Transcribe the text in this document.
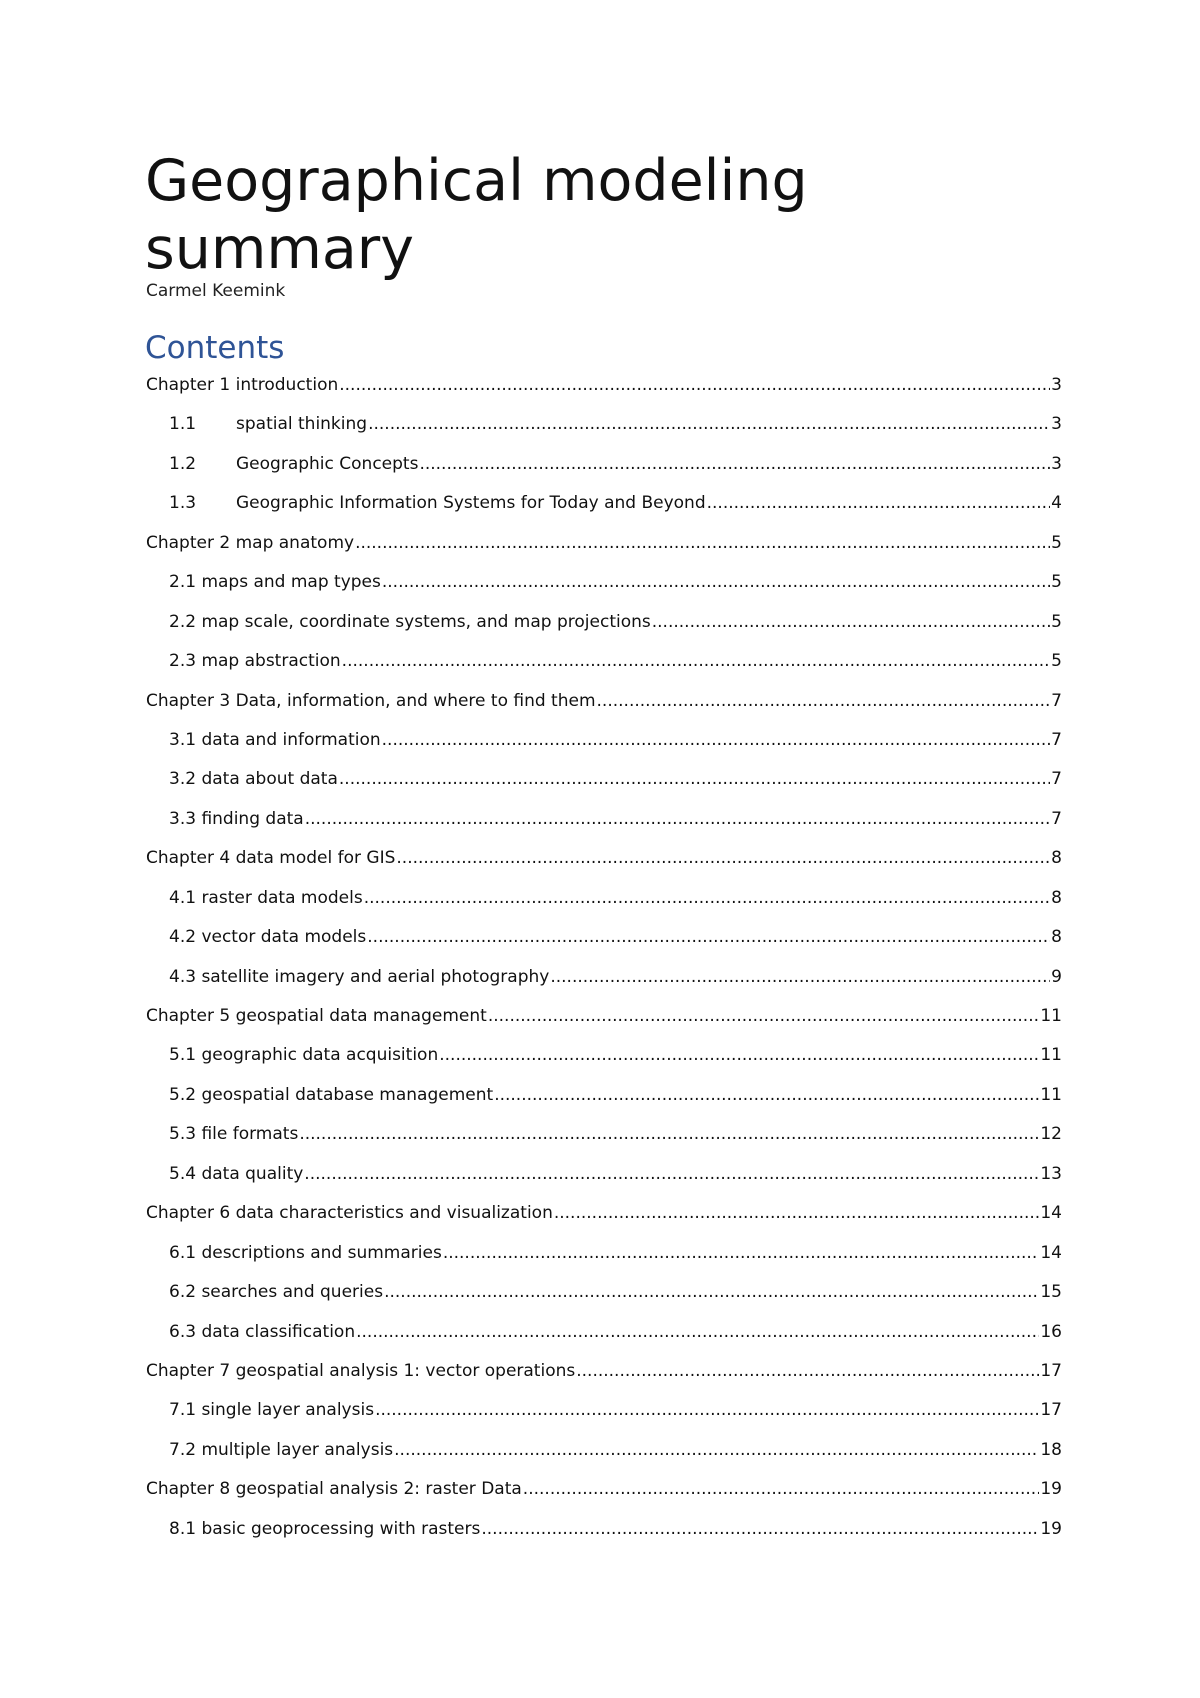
Geographical modeling
summary
Carmel Keemink
Contents
Chapter 1 introduction .....	3
1.1	spatial thinking .....	3
1.2	Geographic Concepts .....	3
1.3	Geographic Information Systems for Today and Beyond .....	4
Chapter 2 map anatomy .....	5
2.1 maps and map types .....	5
2.2 map scale, coordinate systems, and map projections .....	5
2.3 map abstraction .....	5
Chapter 3 Data, information, and where to find them .....	7
3.1 data and information .....	7
3.2 data about data .....	7
3.3 finding data .....	7
Chapter 4 data model for GIS .....	8
4.1 raster data models .....	8
4.2 vector data models .....	8
4.3 satellite imagery and aerial photography .....	9
Chapter 5 geospatial data management .....	11
5.1 geographic data acquisition .....	11
5.2 geospatial database management .....	11
5.3 file formats .....	12
5.4 data quality .....	13
Chapter 6 data characteristics and visualization .....	14
6.1 descriptions and summaries .....	14
6.2 searches and queries .....	15
6.3 data classification .....	16
Chapter 7 geospatial analysis 1: vector operations .....	17
7.1 single layer analysis .....	17
7.2 multiple layer analysis .....	18
Chapter 8 geospatial analysis 2: raster Data .....	19
8.1 basic geoprocessing with rasters .....	19
